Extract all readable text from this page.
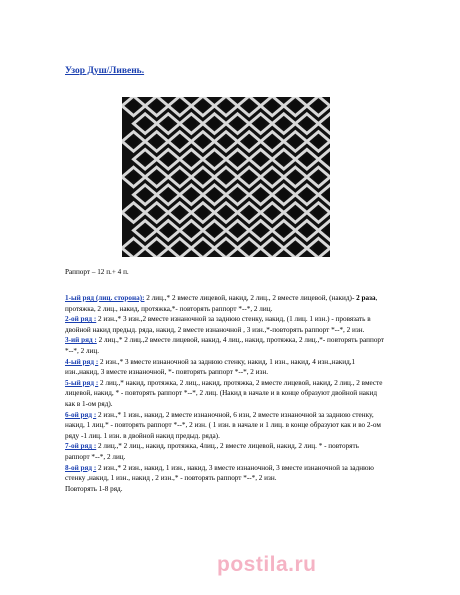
Узор Душ/Ливень.
Раппорт – 12 п.+ 4 п.

1-ый ряд (лиц. сторона): 2 лиц.,* 2 вместе лицевой, накид, 2 лиц., 2 вместе лицевой, (накид)- 2 раза, протяжка, 2 лиц., накид, протяжка,*- повторять раппорт *--*, 2 лиц.

2-ой ряд : 2 изн.,* 3 изн.,2 вместе изнаночной за заднюю стенку, накид, (1 лиц. 1 изн.) - провязать в двойной накид предыд. ряда, накид, 2 вместе изнаночной , 3 изн.,*-повторять раппорт *--*, 2 изн.

3-ий ряд : 2 лиц.,* 2 лиц.,2 вместе лицевой, накид, 4 лиц., накид, протяжка, 2 лиц.,*- повторять раппорт *--*, 2 лиц.

4-ый ряд : 2 изн.,* 3 вместе изнаночной за заднюю стенку, накид, 1 изн., накид, 4 изн.,накид,1 изн.,накид, 3 вместе изнаночной, *- повторять раппорт *--*, 2 изн.

5-ый ряд : 2 лиц.,* накид, протяжка, 2 лиц., накид, протяжка, 2 вместе лицевой, накид, 2 лиц., 2 вместе лицевой, накид, * - повторять раппорт *--*, 2 лиц. (Накид в начале и в конце образуют двойной накид как в 1-ом ряд).

6-ой ряд : 2 изн.,* 1 изн., накид, 2 вместе изнаночной, 6 изн, 2 вместе изнаночной за заднюю стенку, накид, 1 лиц.* - повторять раппорт *--*, 2 изн. ( 1 изн. в начале и 1 лиц. в конце образуют как и во 2-ом ряду -1 лиц. 1 изн. в двойной накид предыд. ряда).

7-ой ряд : 2 лиц.,* 2 лиц., накид, протяжка, 4лиц., 2 вместе лицевой, накид, 2 лиц. * - повторять раппорт *--*, 2 лиц.

8-ой ряд : 2 изн.,* 2 изн., накид, 1 изн., накид, 3 вместе изнаночной, 3 вместе изнаночной за заднюю стенку ,накид, 1 изн., накид , 2 изн.,* - повторять раппорт *--*, 2 изн.

Повторять 1-8 ряд.

postila.ru
